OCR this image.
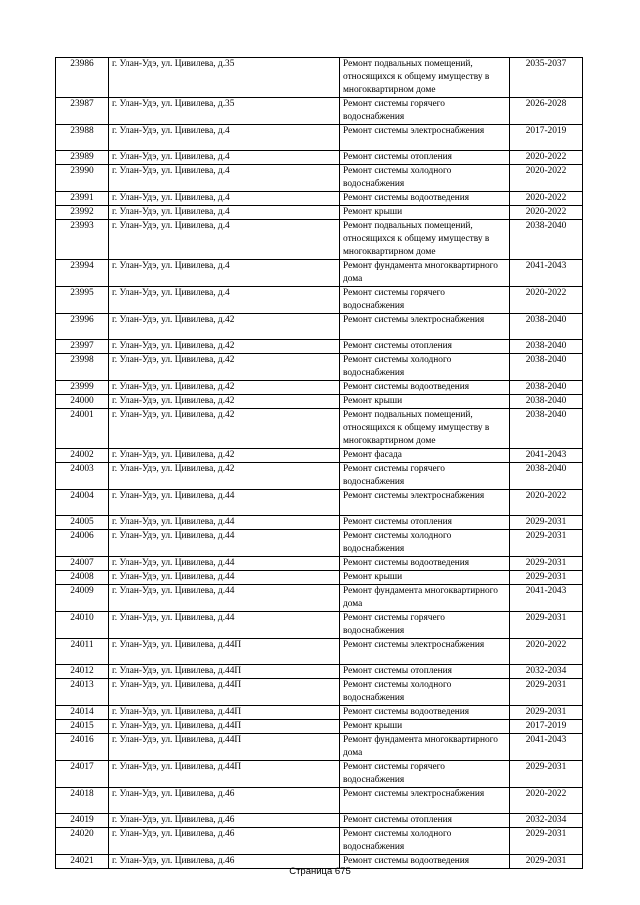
23986	г. Улан-Удэ, ул. Цивилева, д.35	Ремонт подвальных помещений, относящихся к общему имуществу в многоквартирном доме	2035-2037
23987	г. Улан-Удэ, ул. Цивилева, д.35	Ремонт системы горячего водоснабжения	2026-2028
23988	г. Улан-Удэ, ул. Цивилева, д.4	Ремонт системы электроснабжения	2017-2019
23989	г. Улан-Удэ, ул. Цивилева, д.4	Ремонт системы отопления	2020-2022
23990	г. Улан-Удэ, ул. Цивилева, д.4	Ремонт системы холодного водоснабжения	2020-2022
23991	г. Улан-Удэ, ул. Цивилева, д.4	Ремонт системы водоотведения	2020-2022
23992	г. Улан-Удэ, ул. Цивилева, д.4	Ремонт крыши	2020-2022
23993	г. Улан-Удэ, ул. Цивилева, д.4	Ремонт подвальных помещений, относящихся к общему имуществу в многоквартирном доме	2038-2040
23994	г. Улан-Удэ, ул. Цивилева, д.4	Ремонт фундамента многоквартирного дома	2041-2043
23995	г. Улан-Удэ, ул. Цивилева, д.4	Ремонт системы горячего водоснабжения	2020-2022
23996	г. Улан-Удэ, ул. Цивилева, д.42	Ремонт системы электроснабжения	2038-2040
23997	г. Улан-Удэ, ул. Цивилева, д.42	Ремонт системы отопления	2038-2040
23998	г. Улан-Удэ, ул. Цивилева, д.42	Ремонт системы холодного водоснабжения	2038-2040
23999	г. Улан-Удэ, ул. Цивилева, д.42	Ремонт системы водоотведения	2038-2040
24000	г. Улан-Удэ, ул. Цивилева, д.42	Ремонт крыши	2038-2040
24001	г. Улан-Удэ, ул. Цивилева, д.42	Ремонт подвальных помещений, относящихся к общему имуществу в многоквартирном доме	2038-2040
24002	г. Улан-Удэ, ул. Цивилева, д.42	Ремонт фасада	2041-2043
24003	г. Улан-Удэ, ул. Цивилева, д.42	Ремонт системы горячего водоснабжения	2038-2040
24004	г. Улан-Удэ, ул. Цивилева, д.44	Ремонт системы электроснабжения	2020-2022
24005	г. Улан-Удэ, ул. Цивилева, д.44	Ремонт системы отопления	2029-2031
24006	г. Улан-Удэ, ул. Цивилева, д.44	Ремонт системы холодного водоснабжения	2029-2031
24007	г. Улан-Удэ, ул. Цивилева, д.44	Ремонт системы водоотведения	2029-2031
24008	г. Улан-Удэ, ул. Цивилева, д.44	Ремонт крыши	2029-2031
24009	г. Улан-Удэ, ул. Цивилева, д.44	Ремонт фундамента многоквартирного дома	2041-2043
24010	г. Улан-Удэ, ул. Цивилева, д.44	Ремонт системы горячего водоснабжения	2029-2031
24011	г. Улан-Удэ, ул. Цивилева, д.44П	Ремонт системы электроснабжения	2020-2022
24012	г. Улан-Удэ, ул. Цивилева, д.44П	Ремонт системы отопления	2032-2034
24013	г. Улан-Удэ, ул. Цивилева, д.44П	Ремонт системы холодного водоснабжения	2029-2031
24014	г. Улан-Удэ, ул. Цивилева, д.44П	Ремонт системы водоотведения	2029-2031
24015	г. Улан-Удэ, ул. Цивилева, д.44П	Ремонт крыши	2017-2019
24016	г. Улан-Удэ, ул. Цивилева, д.44П	Ремонт фундамента многоквартирного дома	2041-2043
24017	г. Улан-Удэ, ул. Цивилева, д.44П	Ремонт системы горячего водоснабжения	2029-2031
24018	г. Улан-Удэ, ул. Цивилева, д.46	Ремонт системы электроснабжения	2020-2022
24019	г. Улан-Удэ, ул. Цивилева, д.46	Ремонт системы отопления	2032-2034
24020	г. Улан-Удэ, ул. Цивилева, д.46	Ремонт системы холодного водоснабжения	2029-2031
24021	г. Улан-Удэ, ул. Цивилева, д.46	Ремонт системы водоотведения	2029-2031
Страница 675
